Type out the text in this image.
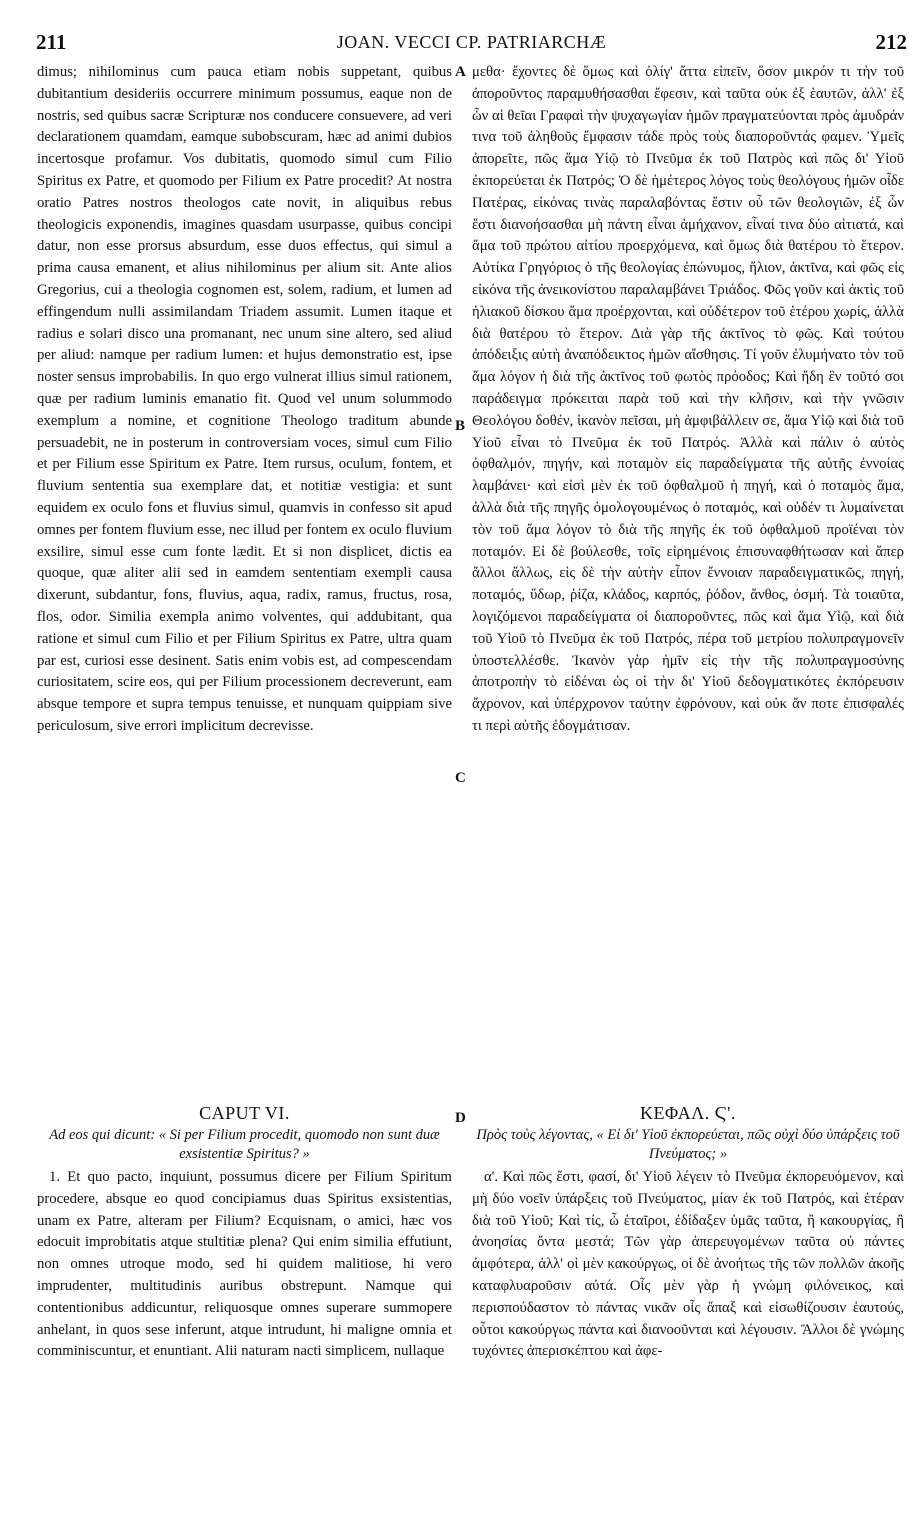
211	JOAN. VECCI CP. PATRIARCHÆ	212
A
B
C
D

dimus; nihilominus cum pauca etiam nobis suppetant, quibus dubitantium desideriis occurrere minimum possumus, eaque non de nostris, sed quibus sacræ Scripturæ nos conducere consuevere, ad veri declarationem quamdam, eamque subobscuram, hæc ad animi dubios incertosque profamur. Vos dubitatis, quomodo simul cum Filio Spiritus ex Patre, et quomodo per Filium ex Patre procedit? At nostra oratio Patres nostros theologos cate novit, in aliquibus rebus theologicis exponendis, imagines quasdam usurpasse, quibus concipi datur, non esse prorsus absurdum, esse duos effectus, qui simul a prima causa emanent, et alius nihilominus per alium sit. Ante alios Gregorius, cui a theologia cognomen est, solem, radium, et lumen ad effingendum nulli assimilandam Triadem assumit. Lumen itaque et radius e solari disco una promanant, nec unum sine altero, sed aliud per aliud: namque per radium lumen: et hujus demonstratio est, ipse noster sensus improbabilis. In quo ergo vulnerat illius simul rationem, quæ per radium luminis emanatio fit. Quod vel unum solummodo exemplum a nomine, et cognitione Theologo traditum abunde persuadebit, ne in posterum in controversiam voces, simul cum Filio et per Filium esse Spiritum ex Patre. Item rursus, oculum, fontem, et fluvium sententia sua exemplare dat, et notitiæ vestigia: et sunt equidem ex oculo fons et fluvius simul, quamvis in confesso sit apud omnes per fontem fluvium esse, nec illud per fontem ex oculo fluvium exsilire, simul esse cum fonte lædit. Et si non displicet, dictis ea quoque, quæ aliter alii sed in eamdem sententiam exempli causa dixerunt, subdantur, fons, fluvius, aqua, radix, ramus, fructus, rosa, flos, odor. Similia exempla animo volventes, qui addubitant, qua ratione et simul cum Filio et per Filium Spiritus ex Patre, ultra quam par est, curiosi esse desinent. Satis enim vobis est, ad compescendam curiositatem, scire eos, qui per Filium processionem decreverunt, eam absque tempore et supra tempus tenuisse, et nunquam quippiam sive periculosum, sive errori implicitum decrevisse.

μεθα· ἔχοντες δὲ ὅμως καὶ ὀλίγ' ἄττα εἰπεῖν, ὅσον μικρόν τι τὴν τοῦ ἀποροῦντος παραμυθήσασθαι ἔφεσιν, καὶ ταῦτα οὐκ ἐξ ἑαυτῶν, ἀλλ' ἐξ ὧν αἱ θεῖαι Γραφαὶ τὴν ψυχαγωγίαν ἡμῶν πραγματεύονται πρὸς ἀμυδράν τινα τοῦ ἀληθοῦς ἔμφασιν τάδε πρὸς τοὺς διαποροῦντάς φαμεν. Ὑμεῖς ἀπορεῖτε, πῶς ἅμα Υἱῷ τὸ Πνεῦμα ἐκ τοῦ Πατρὸς καὶ πῶς δι' Υἱοῦ ἐκπορεύεται ἐκ Πατρός; Ὁ δὲ ἡμέτερος λόγος τοὺς θεολόγους ἡμῶν οἶδε Πατέρας, εἰκόνας τινὰς παραλαβόντας ἔστιν οὗ τῶν θεολογιῶν, ἐξ ὧν ἔστι διανοήσασθαι μὴ πάντη εἶναι ἀμήχανον, εἶναί τινα δύο αἰτιατά, καὶ ἅμα τοῦ πρώτου αἰτίου προερχόμενα, καὶ ὅμως διὰ θατέρου τὸ ἕτερον. Αὐτίκα Γρηγόριος ὁ τῆς θεολογίας ἐπώνυμος, ἥλιον, ἀκτῖνα, καὶ φῶς εἰς εἰκόνα τῆς ἀνεικονίστου παραλαμβάνει Τριάδος. Φῶς γοῦν καὶ ἀκτὶς τοῦ ἡλιακοῦ δίσκου ἅμα προέρχονται, καὶ οὐδέτερον τοῦ ἑτέρου χωρίς, ἀλλὰ διὰ θατέρου τὸ ἕτερον. Διὰ γὰρ τῆς ἀκτῖνος τὸ φῶς. Καὶ τούτου ἀπόδειξις αὐτὴ ἀναπόδεικτος ἡμῶν αἴσθησις. Τί γοῦν ἐλυμήνατο τὸν τοῦ ἅμα λόγον ἡ διὰ τῆς ἀκτῖνος τοῦ φωτὸς πρόοδος; Καὶ ἤδη ἓν τοῦτό σοι παράδειγμα πρόκειται παρὰ τοῦ καὶ τὴν κλῆσιν, καὶ τὴν γνῶσιν Θεολόγου δοθέν, ἱκανὸν πεῖσαι, μὴ ἀμφιβάλλειν σε, ἅμα Υἱῷ καὶ διὰ τοῦ Υἱοῦ εἶναι τὸ Πνεῦμα ἐκ τοῦ Πατρός. Ἀλλὰ καὶ πάλιν ὁ αὐτὸς ὀφθαλμόν, πηγήν, καὶ ποταμὸν εἰς παραδείγματα τῆς αὐτῆς ἐννοίας λαμβάνει· καὶ εἰσὶ μὲν ἐκ τοῦ ὀφθαλμοῦ ἡ πηγή, καὶ ὁ ποταμὸς ἅμα, ἀλλὰ διὰ τῆς πηγῆς ὁμολογουμένως ὁ ποταμός, καὶ οὐδέν τι λυμαίνεται τὸν τοῦ ἅμα λόγον τὸ διὰ τῆς πηγῆς ἐκ τοῦ ὀφθαλμοῦ προϊέναι τὸν ποταμόν. Εἰ δὲ βούλεσθε, τοῖς εἰρημένοις ἐπισυναφθήτωσαν καὶ ἅπερ ἄλλοι ἄλλως, εἰς δὲ τὴν αὐτὴν εἶπον ἔννοιαν παραδειγματικῶς, πηγή, ποταμός, ὕδωρ, ῥίζα, κλάδος, καρπός, ῥόδον, ἄνθος, ὀσμή. Τὰ τοιαῦτα, λογιζόμενοι παραδείγματα οἱ διαποροῦντες, πῶς καὶ ἅμα Υἱῷ, καὶ διὰ τοῦ Υἱοῦ τὸ Πνεῦμα ἐκ τοῦ Πατρός, πέρα τοῦ μετρίου πολυπραγμονεῖν ὑποστελλέσθε. Ἱκανὸν γὰρ ἡμῖν εἰς τὴν τῆς πολυπραγμοσύνης ἀποτροπὴν τὸ εἰδέναι ὡς οἱ τὴν δι' Υἱοῦ δεδογματικότες ἐκπόρευσιν ἄχρονον, καὶ ὑπέρχρονον ταύτην ἐφρόνουν, καὶ οὐκ ἄν ποτε ἐπισφαλές τι περὶ αὐτῆς ἐδογμάτισαν.

CAPUT VI.
Ad eos qui dicunt: « Si per Filium procedit, quomodo non sunt duæ exsistentiæ Spiritus? »
1. Et quo pacto, inquiunt, possumus dicere per Filium Spiritum procedere, absque eo quod concipiamus duas Spiritus exsistentias, unam ex Patre, alteram per Filium? Ecquisnam, o amici, hæc vos edocuit improbitatis atque stultitiæ plena? Qui enim similia effutiunt, non omnes utroque modo, sed hi quidem malitiose, hi vero imprudenter, multitudinis auribus obstrepunt. Namque qui contentionibus addicuntur, reliquosque omnes superare summopere anhelant, in quos sese inferunt, atque intrudunt, hi maligne omnia et comminiscuntur, et enuntiant. Alii naturam nacti simplicem, nullaque
ΚΕΦΑΛ. Ϛ'.
Πρὸς τοὺς λέγοντας, « Εἰ δι' Υἱοῦ ἐκπορεύεται, πῶς οὐχὶ δύο ὑπάρξεις τοῦ Πνεύματος; »
α'. Καὶ πῶς ἔστι, φασί, δι' Υἱοῦ λέγειν τὸ Πνεῦμα ἐκπορευόμενον, καὶ μὴ δύο νοεῖν ὑπάρξεις τοῦ Πνεύματος, μίαν ἐκ τοῦ Πατρός, καὶ ἑτέραν διὰ τοῦ Υἱοῦ; Καὶ τίς, ὦ ἑταῖροι, ἐδίδαξεν ὑμᾶς ταῦτα, ἢ κακουργίας, ἢ ἀνοησίας ὄντα μεστά; Τῶν γὰρ ἀπερευγομένων ταῦτα οὐ πάντες ἀμφότερα, ἀλλ' οἱ μὲν κακούργως, οἱ δὲ ἀνοήτως τῆς τῶν πολλῶν ἀκοῆς καταφλυαροῦσιν αὐτά. Οἷς μὲν γὰρ ἡ γνώμη φιλόνεικος, καὶ περισπούδαστον τὸ πάντας νικᾶν οἷς ἅπαξ καὶ εἰσωθίζουσιν ἑαυτούς, οὗτοι κακούργως πάντα καὶ διανοοῦνται καὶ λέγουσιν. Ἄλλοι δὲ γνώμης τυχόντες ἀπερισκέπτου καὶ ἀφε-
